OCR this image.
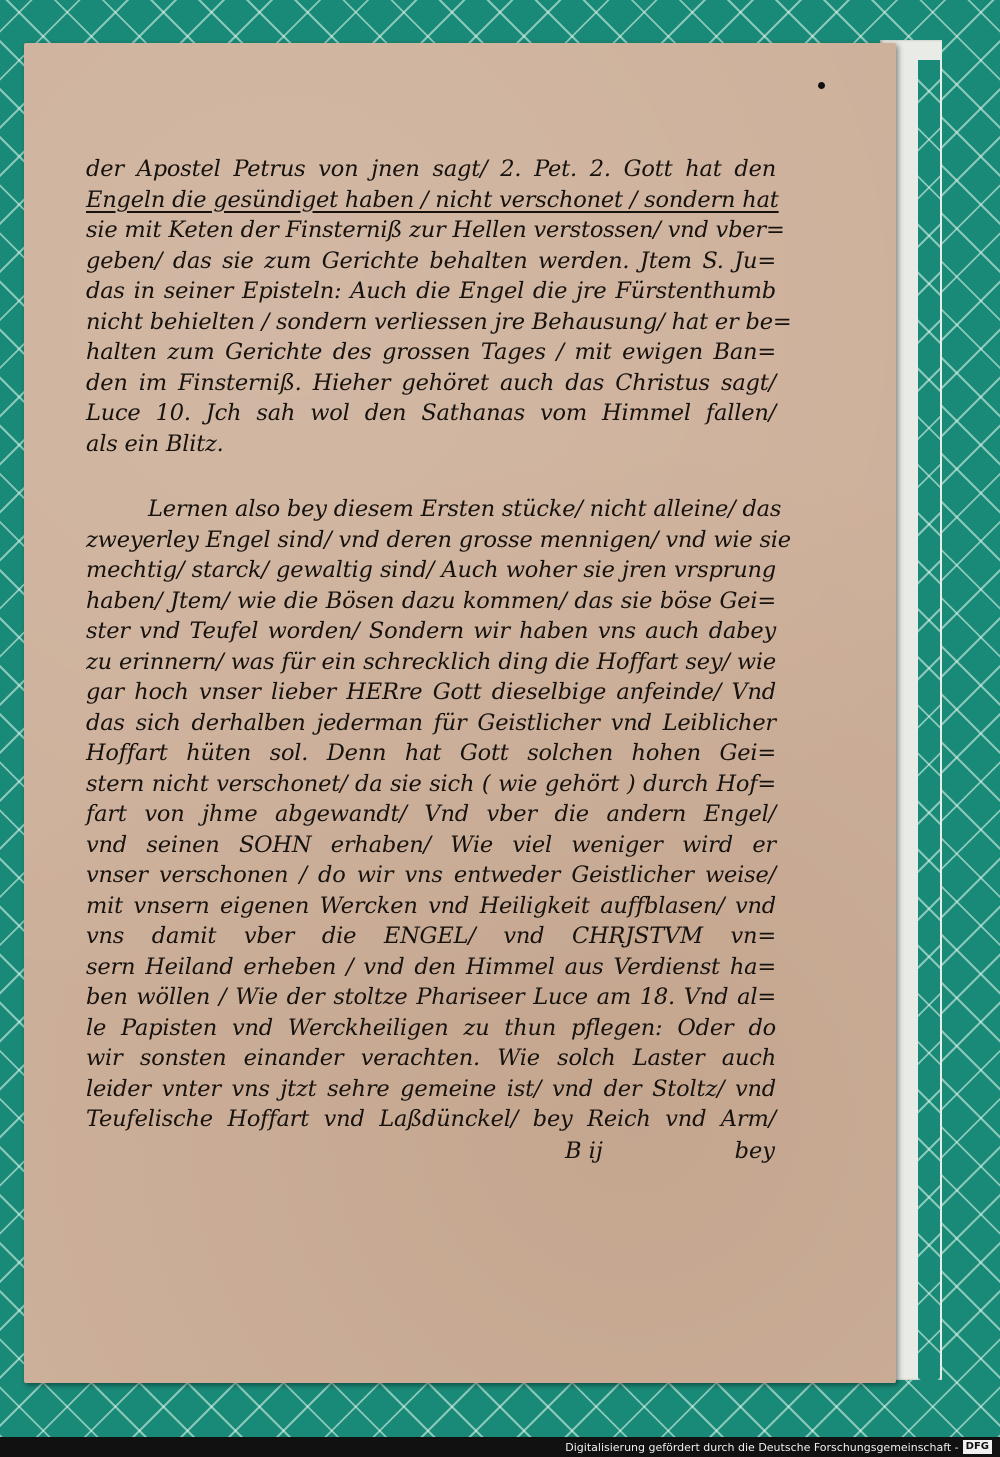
der Apostel Petrus von jnen sagt/ 2. Pet. 2. Gott hat den
Engeln die gesündiget haben / nicht verschonet / sondern hat
sie mit Keten der Finsterniß zur Hellen verstossen/ vnd vber=
geben/ das sie zum Gerichte behalten werden. Jtem S. Ju=
das in seiner Episteln: Auch die Engel die jre Fürstenthumb
nicht behielten / sondern verliessen jre Behausung/ hat er be=
halten zum Gerichte des grossen Tages / mit ewigen Ban=
den im Finsterniß. Hieher gehöret auch das Christus sagt/
Luce 10. Jch sah wol den Sathanas vom Himmel fallen/
als ein Blitz.
Lernen also bey diesem Ersten stücke/ nicht alleine/ das
zweyerley Engel sind/ vnd deren grosse mennigen/ vnd wie sie
mechtig/ starck/ gewaltig sind/ Auch woher sie jren vrsprung
haben/ Jtem/ wie die Bösen dazu kommen/ das sie böse Gei=
ster vnd Teufel worden/ Sondern wir haben vns auch dabey
zu erinnern/ was für ein schrecklich ding die Hoffart sey/ wie
gar hoch vnser lieber HERre Gott dieselbige anfeinde/ Vnd
das sich derhalben jederman für Geistlicher vnd Leiblicher
Hoffart hüten sol. Denn hat Gott solchen hohen Gei=
stern nicht verschonet/ da sie sich ( wie gehört ) durch Hof=
fart von jhme abgewandt/ Vnd vber die andern Engel/
vnd seinen SOHN erhaben/ Wie viel weniger wird er
vnser verschonen / do wir vns entweder Geistlicher weise/
mit vnsern eigenen Wercken vnd Heiligkeit auffblasen/ vnd
vns damit vber die ENGEL/ vnd CHRJSTVM vn=
sern Heiland erheben / vnd den Himmel aus Verdienst ha=
ben wöllen / Wie der stoltze Phariseer Luce am 18. Vnd al=
le Papisten vnd Werckheiligen zu thun pflegen: Oder do
wir sonsten einander verachten. Wie solch Laster auch
leider vnter vns jtzt sehre gemeine ist/ vnd der Stoltz/ vnd
Teufelische Hoffart vnd Laßdünckel/ bey Reich vnd Arm/
B ij	bey
Digitalisierung gefördert durch die Deutsche Forschungsgemeinschaft - DFG
